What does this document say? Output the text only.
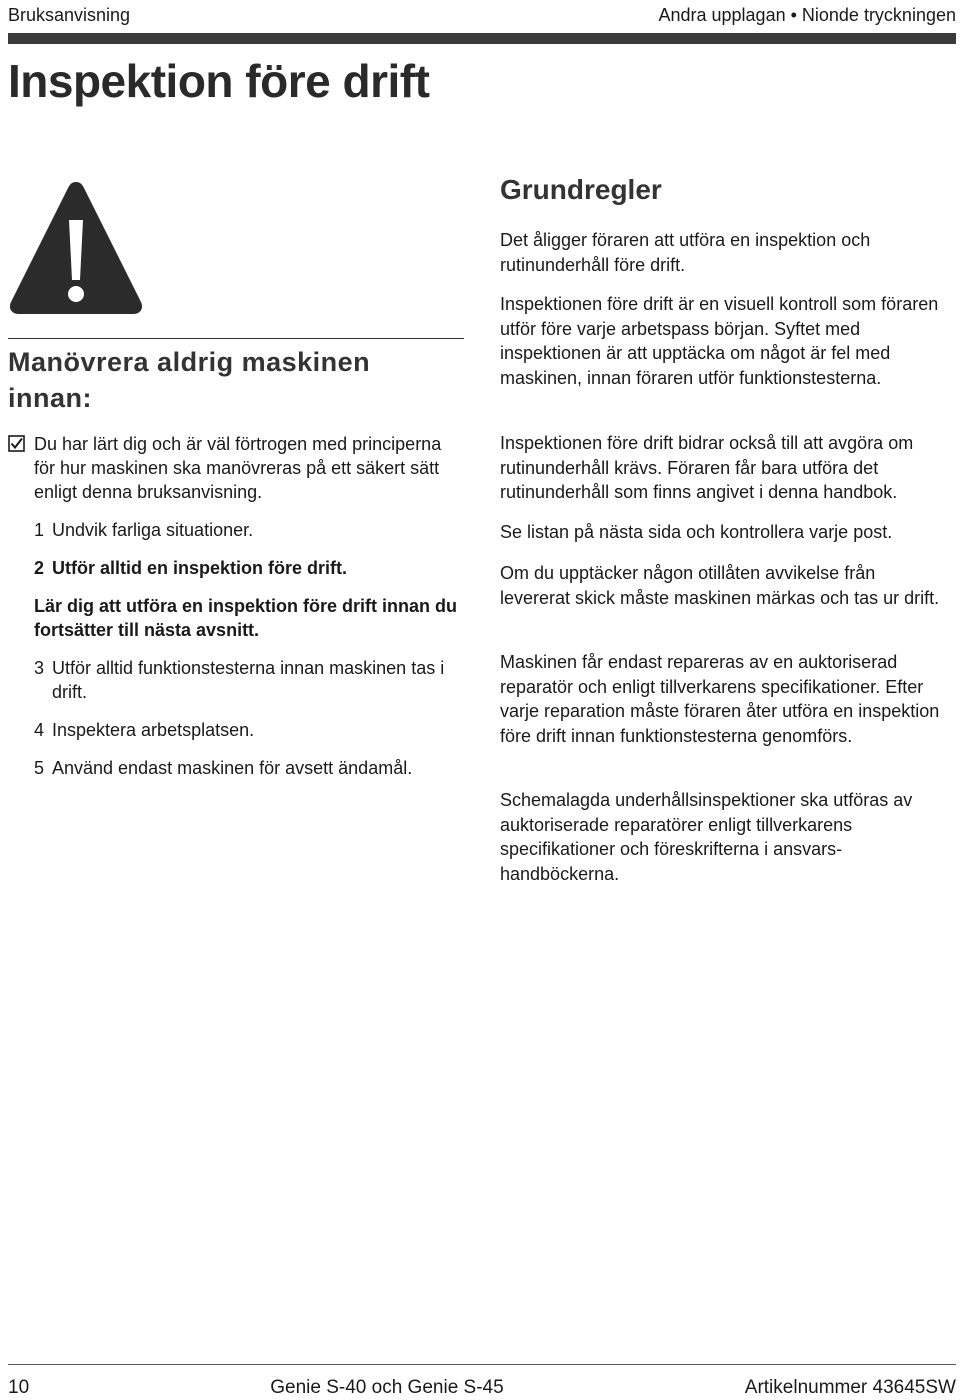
Bruksanvisning	Andra upplagan • Nionde tryckningen
Inspektion före drift
Manövrera aldrig maskinen innan:
Du har lärt dig och är väl förtrogen med principerna för hur maskinen ska manövreras på ett säkert sätt enligt denna bruksanvisning.
1 Undvik farliga situationer.
2 Utför alltid en inspektion före drift.
Lär dig att utföra en inspektion före drift innan du fortsätter till nästa avsnitt.
3 Utför alltid funktionstesterna innan maskinen tas i drift.
4 Inspektera arbetsplatsen.
5 Använd endast maskinen för avsett ändamål.
Grundregler

Det åligger föraren att utföra en inspektion och rutinunderhåll före drift.

Inspektionen före drift är en visuell kontroll som föraren utför före varje arbetspass början. Syftet med inspektionen är att upptäcka om något är fel med maskinen, innan föraren utför funktionstesterna.

Inspektionen före drift bidrar också till att avgöra om rutinunderhåll krävs. Föraren får bara utföra det rutinunderhåll som finns angivet i denna handbok.

Se listan på nästa sida och kontrollera varje post.

Om du upptäcker någon otillåten avvikelse från levererat skick måste maskinen märkas och tas ur drift.

Maskinen får endast repareras av en auktoriserad reparatör och enligt tillverkarens specifikationer. Efter varje reparation måste föraren åter utföra en inspektion före drift innan funktionstesterna genomförs.

Schemalagda underhållsinspektioner ska utföras av auktoriserade reparatörer enligt tillverkarens specifikationer och föreskrifterna i ansvars-handböckerna.

10	Genie S-40 och Genie S-45	Artikelnummer 43645SW
